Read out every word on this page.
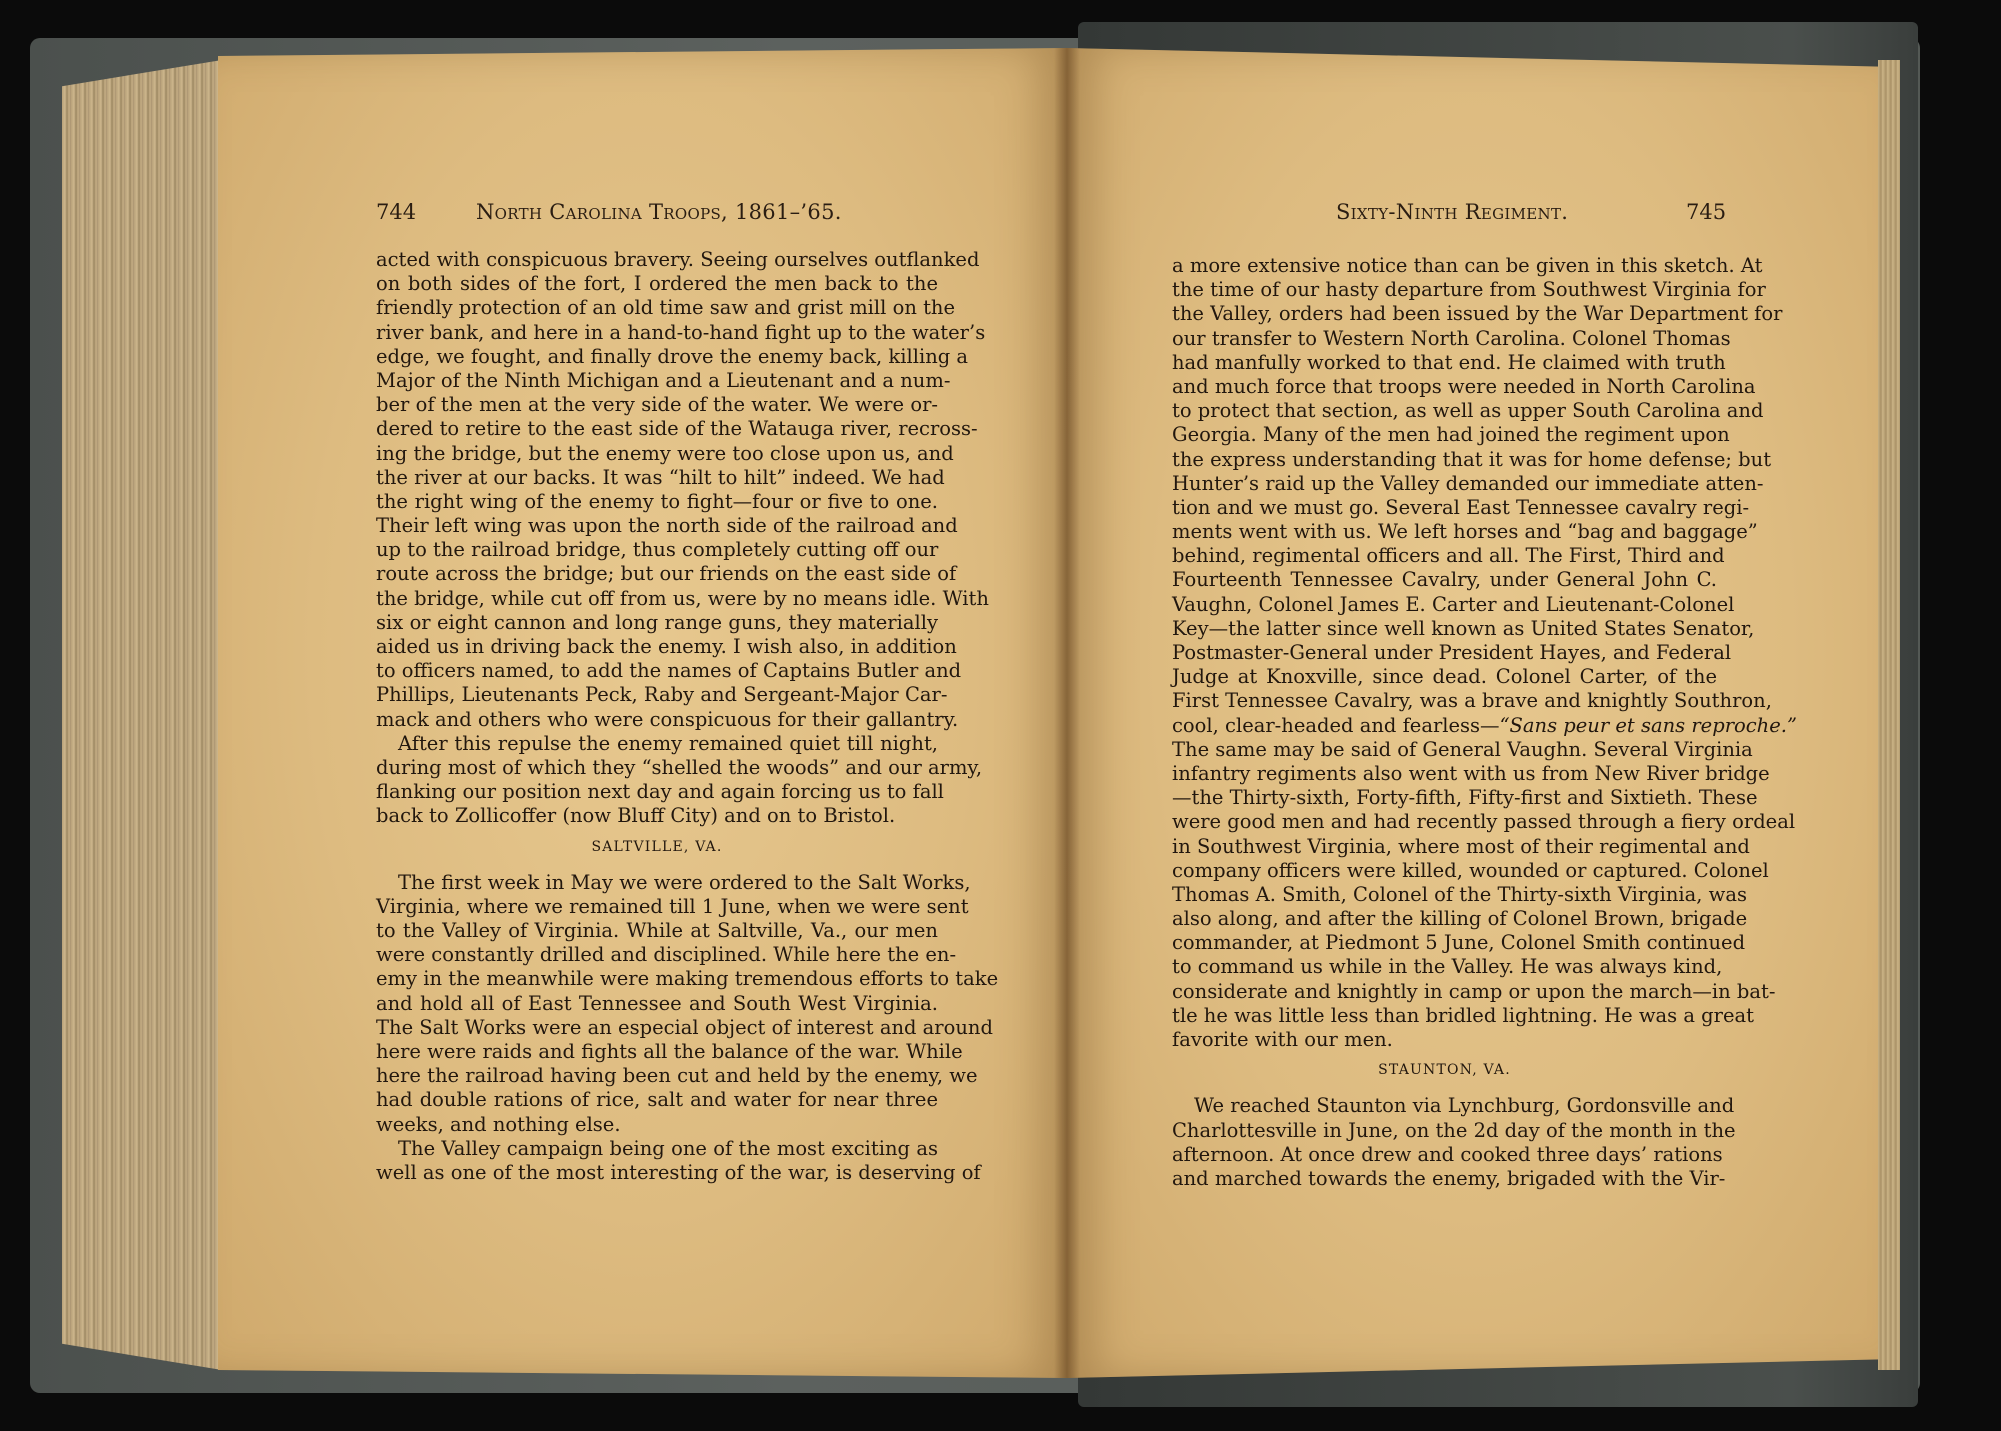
744	North Carolina Troops, 1861–’65.	Sixty-Ninth Regiment.	745
acted with conspicuous bravery. Seeing ourselves outflanked
on both sides of the fort, I ordered the men back to the
friendly protection of an old time saw and grist mill on the
river bank, and here in a hand-to-hand fight up to the water’s
edge, we fought, and finally drove the enemy back, killing a
Major of the Ninth Michigan and a Lieutenant and a num-
ber of the men at the very side of the water. We were or-
dered to retire to the east side of the Watauga river, recross-
ing the bridge, but the enemy were too close upon us, and
the river at our backs. It was “hilt to hilt” indeed. We had
the right wing of the enemy to fight—four or five to one.
Their left wing was upon the north side of the railroad and
up to the railroad bridge, thus completely cutting off our
route across the bridge; but our friends on the east side of
the bridge, while cut off from us, were by no means idle. With
six or eight cannon and long range guns, they materially
aided us in driving back the enemy. I wish also, in addition
to officers named, to add the names of Captains Butler and
Phillips, Lieutenants Peck, Raby and Sergeant-Major Car-
mack and others who were conspicuous for their gallantry.
After this repulse the enemy remained quiet till night,
during most of which they “shelled the woods” and our army,
flanking our position next day and again forcing us to fall
back to Zollicoffer (now Bluff City) and on to Bristol.
SALTVILLE, VA.
The first week in May we were ordered to the Salt Works,
Virginia, where we remained till 1 June, when we were sent
to the Valley of Virginia. While at Saltville, Va., our men
were constantly drilled and disciplined. While here the en-
emy in the meanwhile were making tremendous efforts to take
and hold all of East Tennessee and South West Virginia.
The Salt Works were an especial object of interest and around
here were raids and fights all the balance of the war. While
here the railroad having been cut and held by the enemy, we
had double rations of rice, salt and water for near three
weeks, and nothing else.
The Valley campaign being one of the most exciting as
well as one of the most interesting of the war, is deserving of
a more extensive notice than can be given in this sketch. At
the time of our hasty departure from Southwest Virginia for
the Valley, orders had been issued by the War Department for
our transfer to Western North Carolina. Colonel Thomas
had manfully worked to that end. He claimed with truth
and much force that troops were needed in North Carolina
to protect that section, as well as upper South Carolina and
Georgia. Many of the men had joined the regiment upon
the express understanding that it was for home defense; but
Hunter’s raid up the Valley demanded our immediate atten-
tion and we must go. Several East Tennessee cavalry regi-
ments went with us. We left horses and “bag and baggage”
behind, regimental officers and all. The First, Third and
Fourteenth Tennessee Cavalry, under General John C.
Vaughn, Colonel James E. Carter and Lieutenant-Colonel
Key—the latter since well known as United States Senator,
Postmaster-General under President Hayes, and Federal
Judge at Knoxville, since dead. Colonel Carter, of the
First Tennessee Cavalry, was a brave and knightly Southron,
cool, clear-headed and fearless—“Sans peur et sans reproche.”
The same may be said of General Vaughn. Several Virginia
infantry regiments also went with us from New River bridge
—the Thirty-sixth, Forty-fifth, Fifty-first and Sixtieth. These
were good men and had recently passed through a fiery ordeal
in Southwest Virginia, where most of their regimental and
company officers were killed, wounded or captured. Colonel
Thomas A. Smith, Colonel of the Thirty-sixth Virginia, was
also along, and after the killing of Colonel Brown, brigade
commander, at Piedmont 5 June, Colonel Smith continued
to command us while in the Valley. He was always kind,
considerate and knightly in camp or upon the march—in bat-
tle he was little less than bridled lightning. He was a great
favorite with our men.
STAUNTON, VA.
We reached Staunton via Lynchburg, Gordonsville and
Charlottesville in June, on the 2d day of the month in the
afternoon. At once drew and cooked three days’ rations
and marched towards the enemy, brigaded with the Vir-
